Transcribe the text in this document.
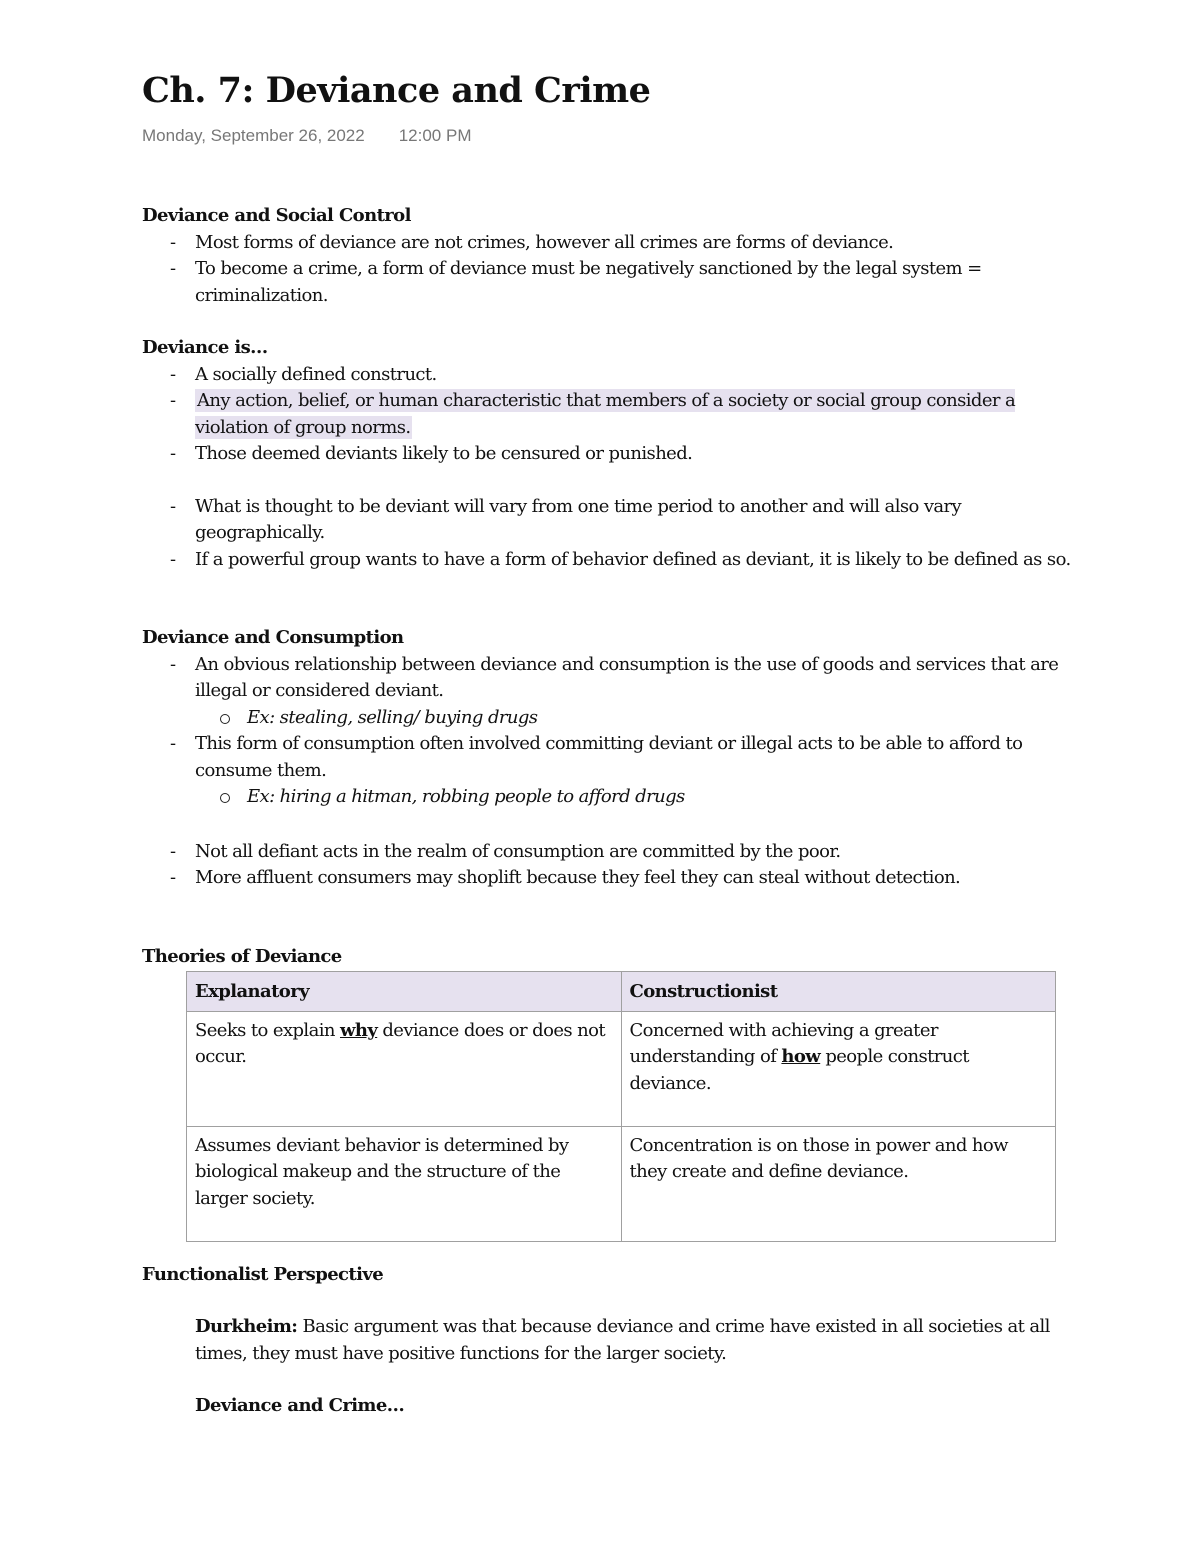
Ch. 7: Deviance and Crime
Monday, September 26, 2022 12:00 PM

Deviance and Social Control

- Most forms of deviance are not crimes, however all crimes are forms of deviance.
- To become a crime, a form of deviance must be negatively sanctioned by the legal system = criminalization.

Deviance is…

- A socially defined construct.
- Any action, belief, or human characteristic that members of a society or social group consider a violation of group norms.
- Those deemed deviants likely to be censured or punished.
- What is thought to be deviant will vary from one time period to another and will also vary geographically.
- If a powerful group wants to have a form of behavior defined as deviant, it is likely to be defined as so.

Deviance and Consumption

- An obvious relationship between deviance and consumption is the use of goods and services that are illegal or considered deviant.
Ex: stealing, selling/ buying drugs
- This form of consumption often involved committing deviant or illegal acts to be able to afford to consume them.
Ex: hiring a hitman, robbing people to afford drugs
- Not all defiant acts in the realm of consumption are committed by the poor.
- More affluent consumers may shoplift because they feel they can steal without detection.

Theories of Deviance

Explanatory	Constructionist
Seeks to explain why deviance does or does not occur.	Concerned with achieving a greater understanding of how people construct deviance.
Assumes deviant behavior is determined by biological makeup and the structure of the larger society.	Concentration is on those in power and how they create and define deviance.

Functionalist Perspective

Durkheim: Basic argument was that because deviance and crime have existed in all societies at all times, they must have positive functions for the larger society.

Deviance and Crime…
